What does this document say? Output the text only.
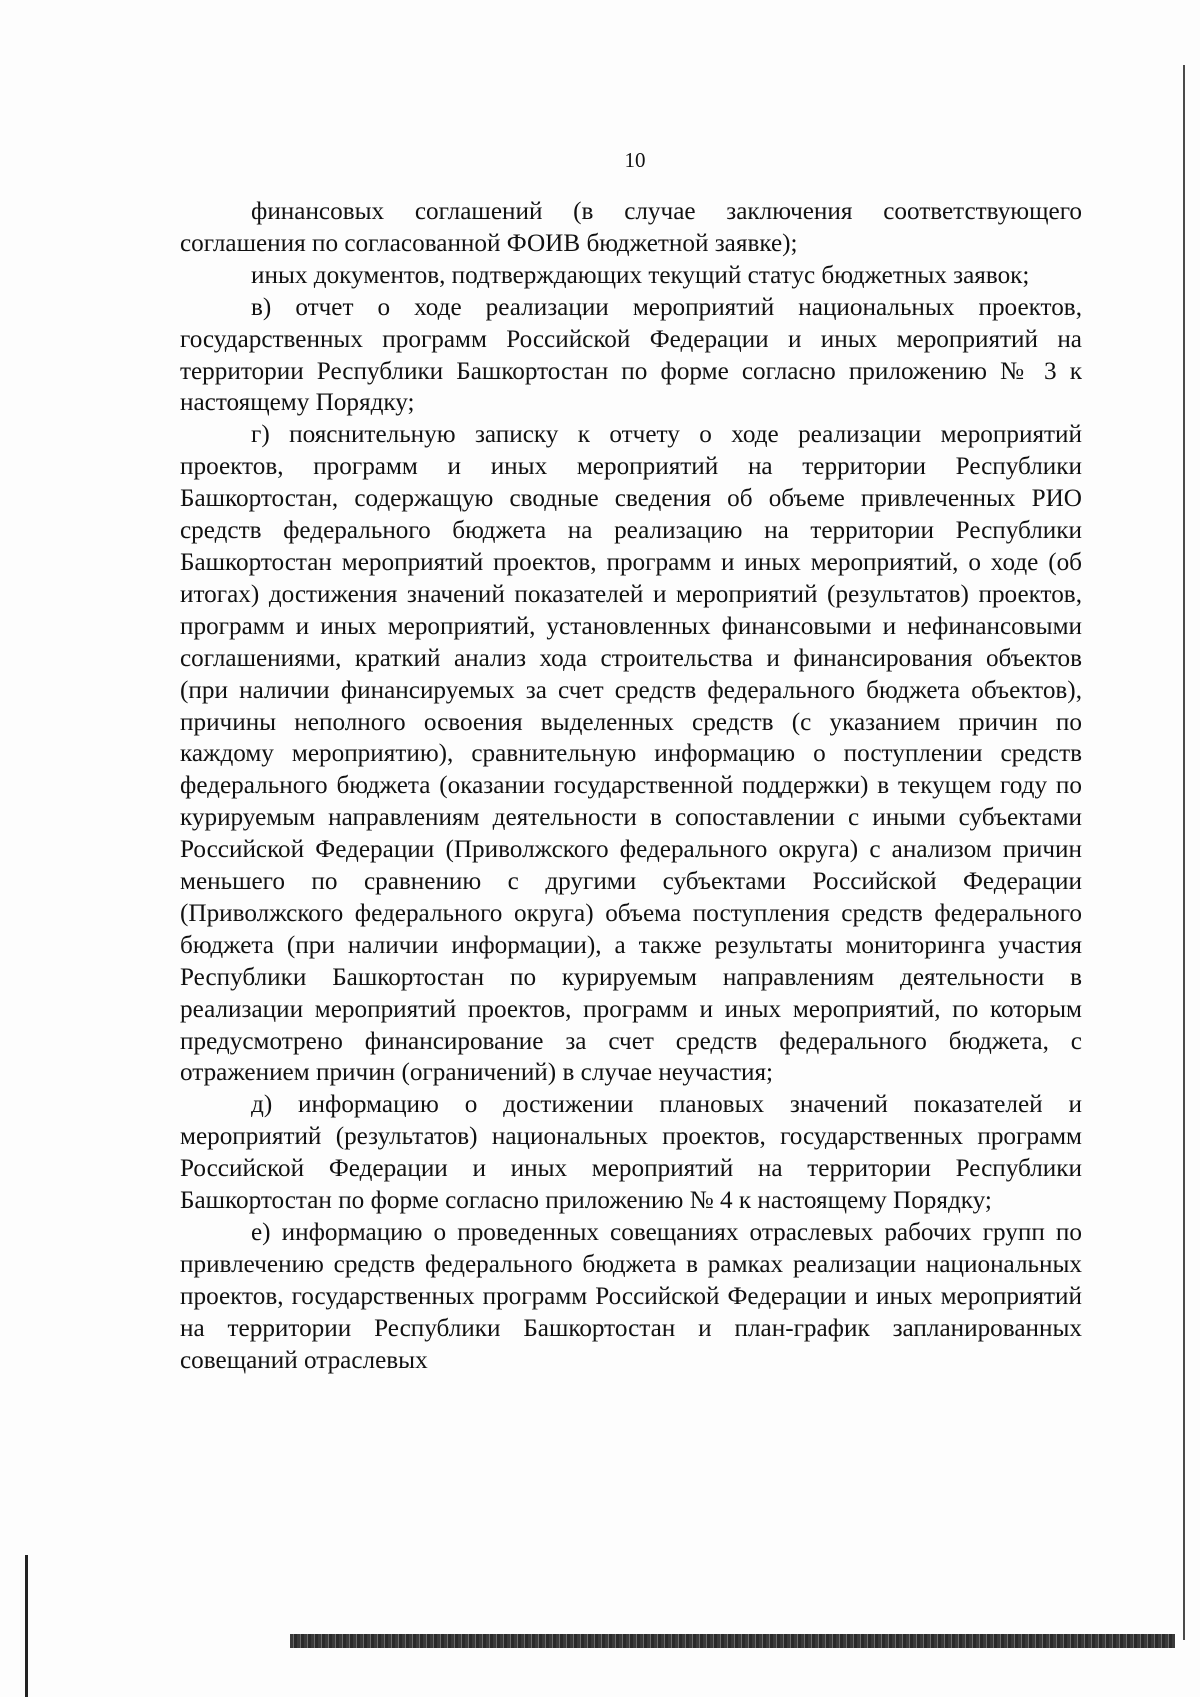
10

финансовых соглашений (в случае заключения соответствующего соглашения по согласованной ФОИВ бюджетной заявке);

иных документов, подтверждающих текущий статус бюджетных заявок;

в) отчет о ходе реализации мероприятий национальных проектов, государственных программ Российской Федерации и иных мероприятий на территории Республики Башкортостан по форме согласно приложению № 3 к настоящему Порядку;

г) пояснительную записку к отчету о ходе реализации мероприятий проектов, программ и иных мероприятий на территории Республики Башкортостан, содержащую сводные сведения об объеме привлеченных РИО средств федерального бюджета на реализацию на территории Республики Башкортостан мероприятий проектов, программ и иных мероприятий, о ходе (об итогах) достижения значений показателей и мероприятий (результатов) проектов, программ и иных мероприятий, установленных финансовыми и нефинансовыми соглашениями, краткий анализ хода строительства и финансирования объектов (при наличии финансируемых за счет средств федерального бюджета объектов), причины неполного освоения выделенных средств (с указанием причин по каждому мероприятию), сравнительную информацию о поступлении средств федерального бюджета (оказании государственной поддержки) в текущем году по курируемым направлениям деятельности в сопоставлении с иными субъектами Российской Федерации (Приволжского федерального округа) с анализом причин меньшего по сравнению с другими субъектами Российской Федерации (Приволжского федерального округа) объема поступления средств федерального бюджета (при наличии информации), а также результаты мониторинга участия Республики Башкортостан по курируемым направлениям деятельности в реализации мероприятий проектов, программ и иных мероприятий, по которым предусмотрено финансирование за счет средств федерального бюджета, с отражением причин (ограничений) в случае неучастия;

д) информацию о достижении плановых значений показателей и мероприятий (результатов) национальных проектов, государственных программ Российской Федерации и иных мероприятий на территории Республики Башкортостан по форме согласно приложению № 4 к настоящему Порядку;

е) информацию о проведенных совещаниях отраслевых рабочих групп по привлечению средств федерального бюджета в рамках реализации национальных проектов, государственных программ Российской Федерации и иных мероприятий на территории Республики Башкортостан и план-график запланированных совещаний отраслевых
